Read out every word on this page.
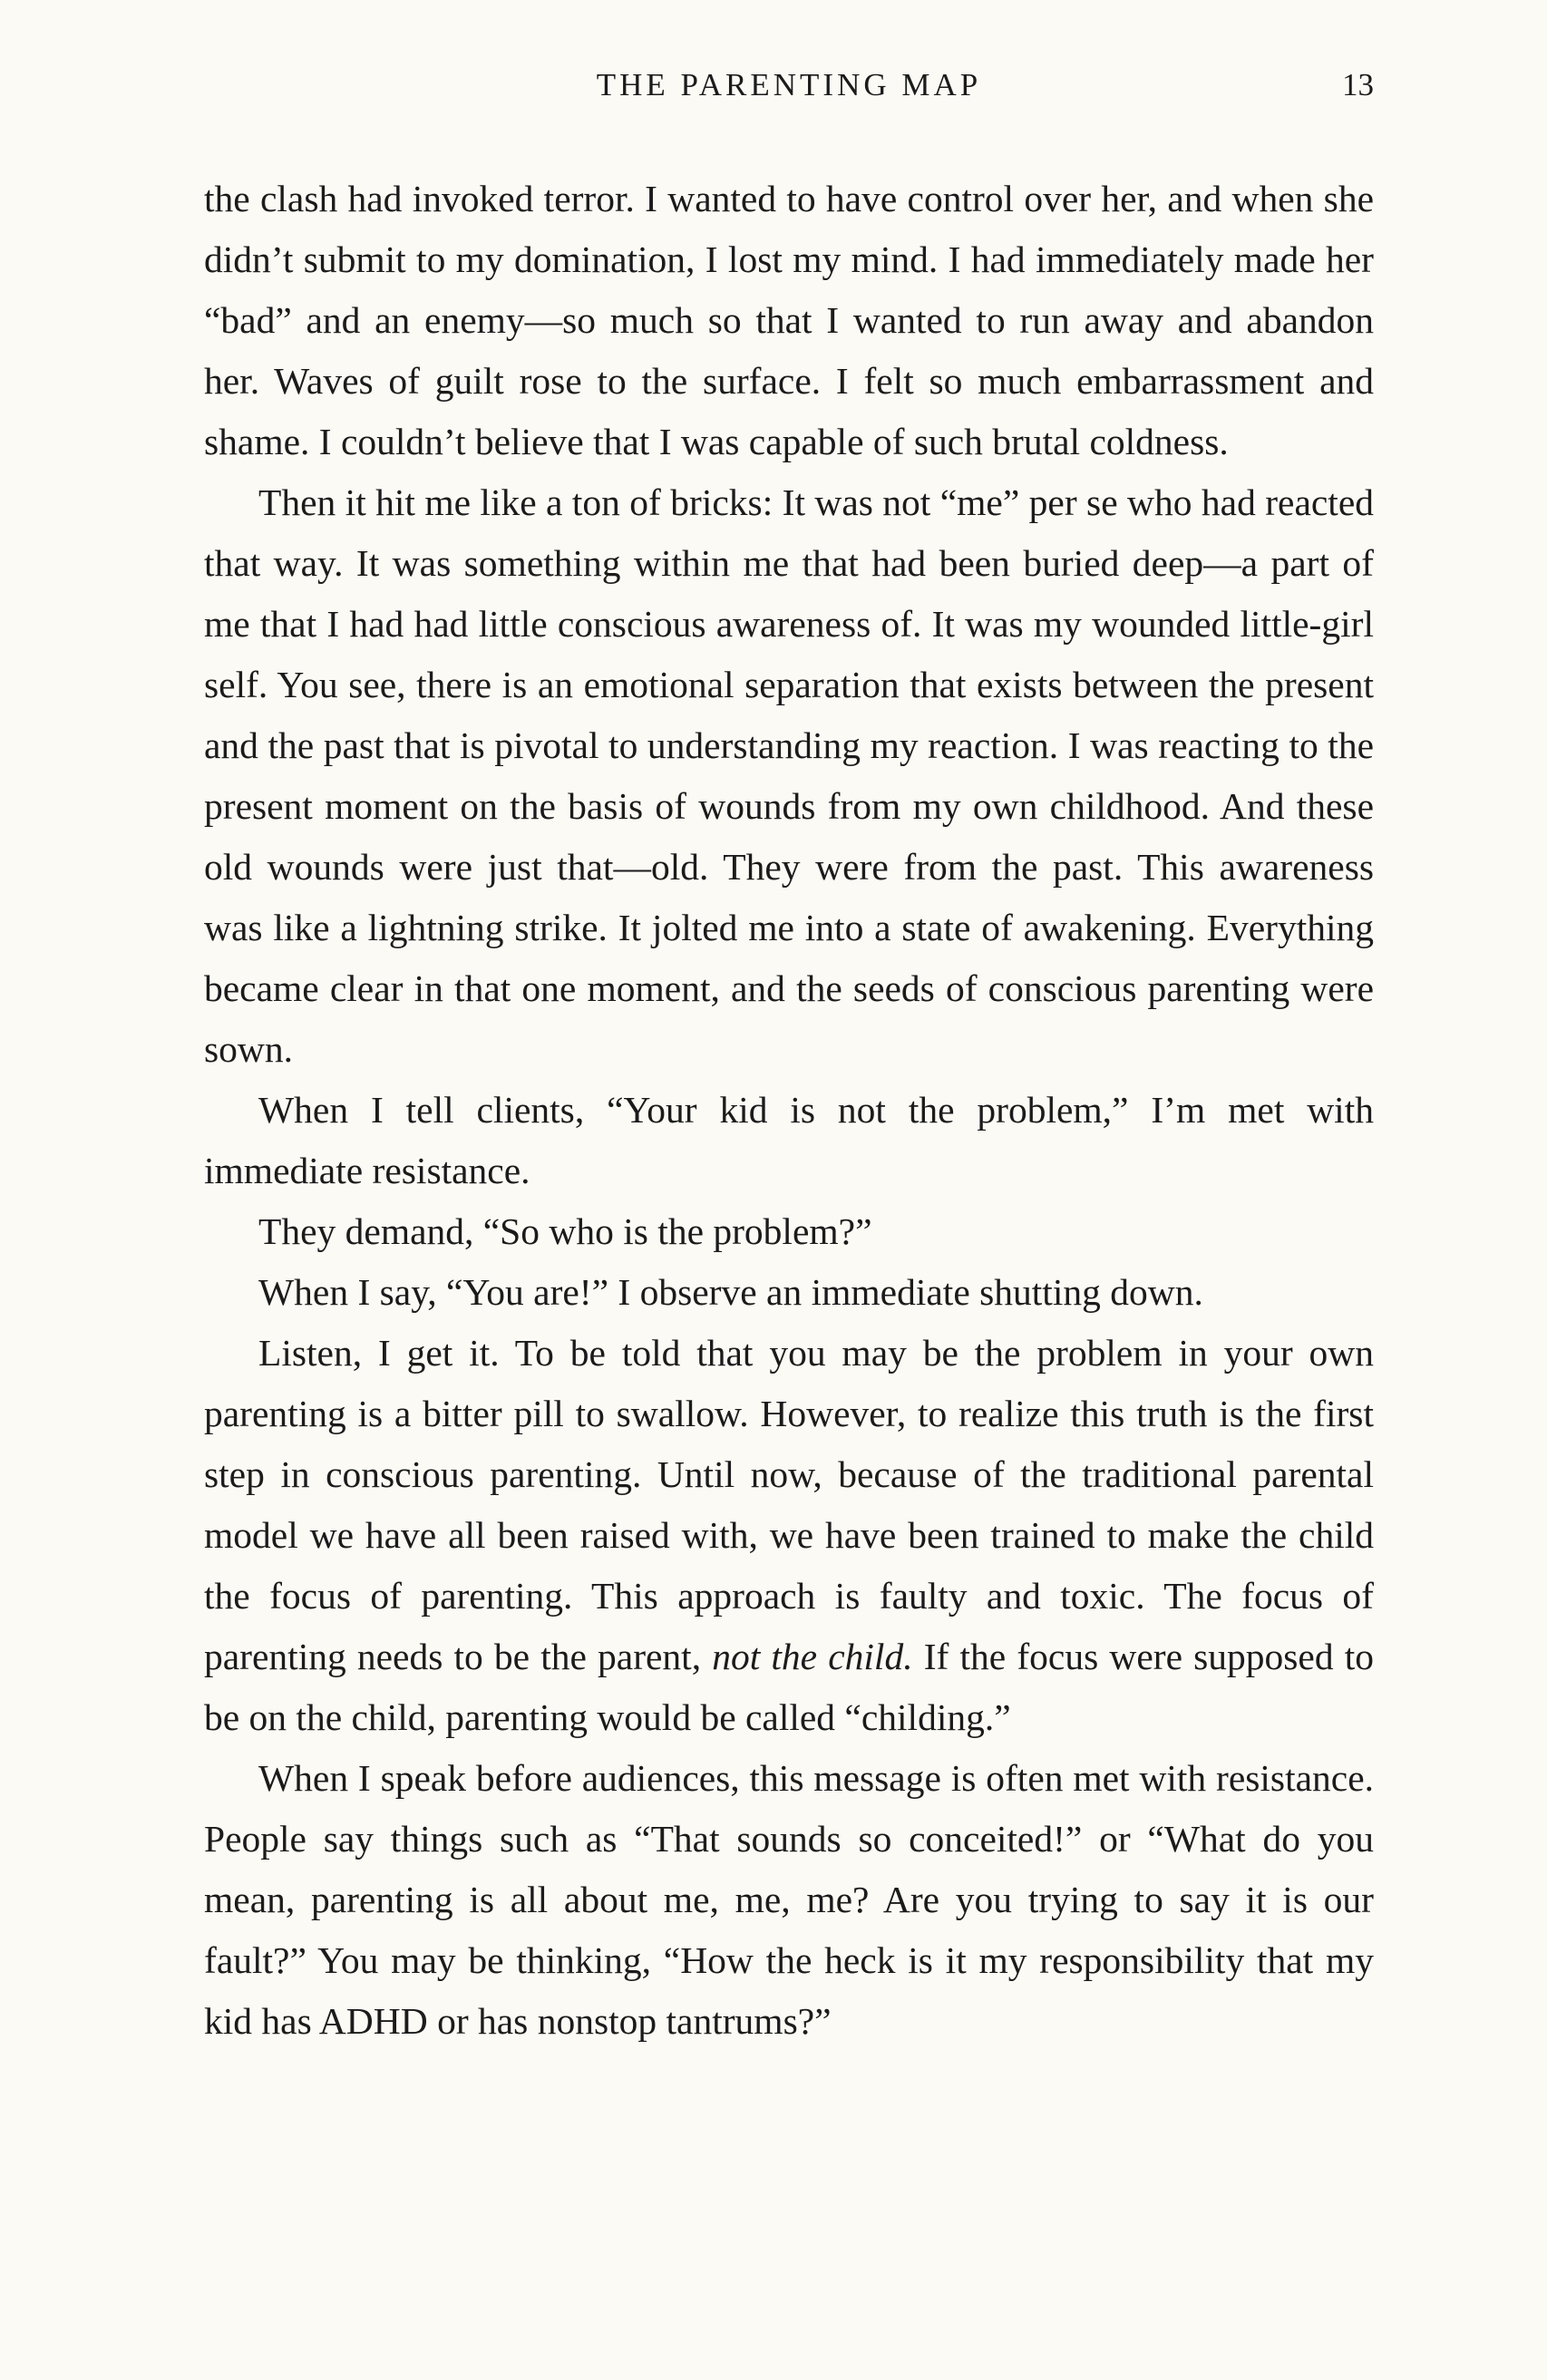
THE PARENTING MAP	13

the clash had invoked terror. I wanted to have control over her, and when she didn’t submit to my domination, I lost my mind. I had immediately made her “bad” and an enemy—so much so that I wanted to run away and abandon her. Waves of guilt rose to the surface. I felt so much embarrassment and shame. I couldn’t believe that I was capable of such brutal coldness.

Then it hit me like a ton of bricks: It was not “me” per se who had reacted that way. It was something within me that had been buried deep—a part of me that I had had little conscious awareness of. It was my wounded little-girl self. You see, there is an emotional separation that exists between the present and the past that is pivotal to understanding my reaction. I was reacting to the present moment on the basis of wounds from my own childhood. And these old wounds were just that—old. They were from the past. This awareness was like a lightning strike. It jolted me into a state of awakening. Everything became clear in that one moment, and the seeds of conscious parenting were sown.

When I tell clients, “Your kid is not the problem,” I’m met with immediate resistance.

They demand, “So who is the problem?”

When I say, “You are!” I observe an immediate shutting down.

Listen, I get it. To be told that you may be the problem in your own parenting is a bitter pill to swallow. However, to realize this truth is the first step in conscious parenting. Until now, because of the traditional parental model we have all been raised with, we have been trained to make the child the focus of parenting. This approach is faulty and toxic. The focus of parenting needs to be the parent, not the child. If the focus were supposed to be on the child, parenting would be called “childing.”

When I speak before audiences, this message is often met with resistance. People say things such as “That sounds so conceited!” or “What do you mean, parenting is all about me, me, me? Are you trying to say it is our fault?” You may be thinking, “How the heck is it my responsibility that my kid has ADHD or has nonstop tantrums?”
